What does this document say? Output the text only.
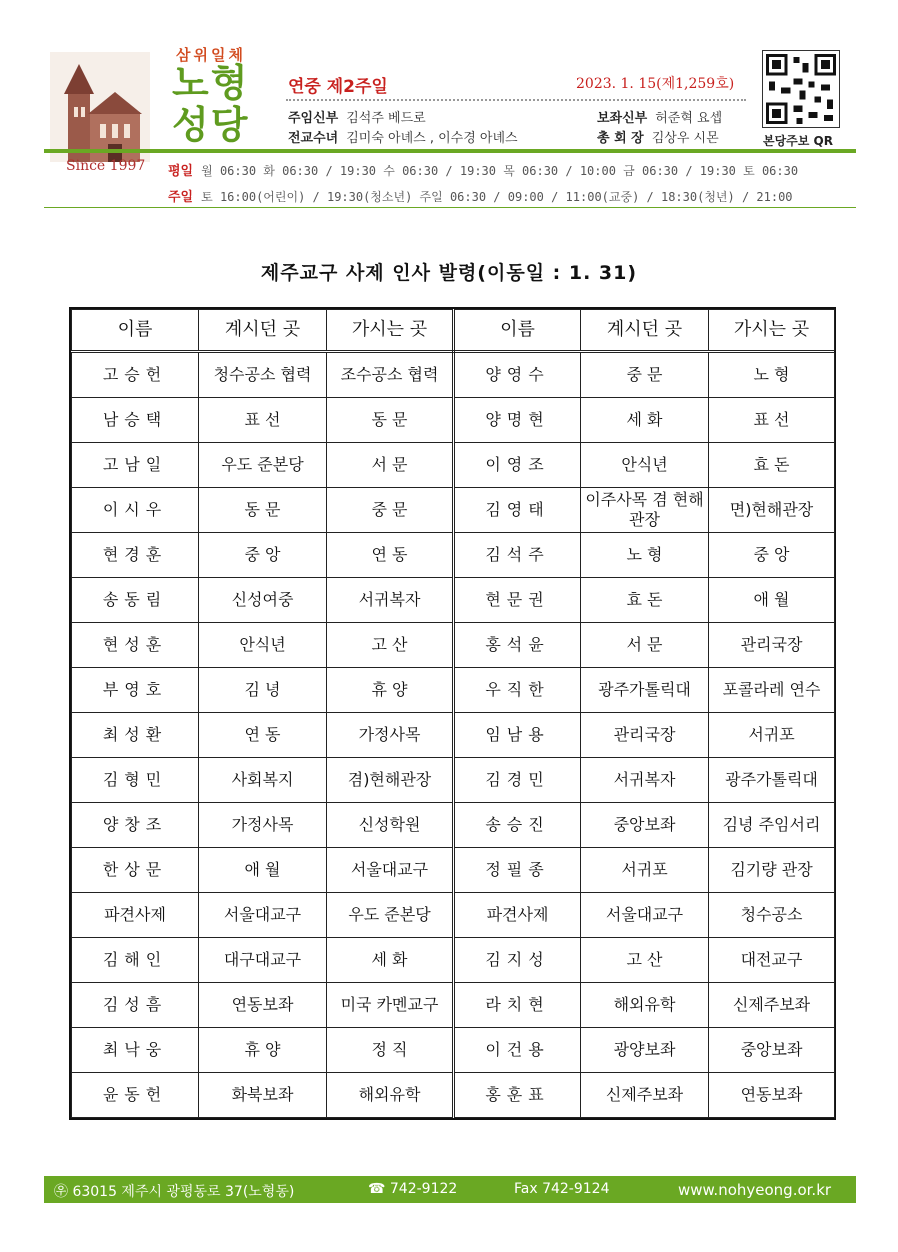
Since 1997
삼위일체
노형
성당
연중 제2주일	2023. 1. 15(제1,259호)
주임신부 김석주 베드로	보좌신부 허준혁 요셉
전교수녀 김미숙 아녜스 , 이수경 아녜스	총 회 장 김상우 시몬	본당주보 QR
평일 월 06:30 화 06:30 / 19:30 수 06:30 / 19:30 목 06:30 / 10:00 금 06:30 / 19:30 토 06:30
주일 토 16:00(어린이) / 19:30(청소년) 주일 06:30 / 09:00 / 11:00(교중) / 18:30(청년) / 21:00
제주교구 사제 인사 발령(이동일 : 1. 31)
이름	계시던 곳	가시는 곳	이름	계시던 곳	가시는 곳
고승헌	청수공소 협력	조수공소 협력	양영수	중 문	노 형
남승택	표 선	동 문	양명현	세 화	표 선
고남일	우도 준본당	서 문	이영조	안식년	효 돈
이시우	동 문	중 문	김영태	이주사목 겸 현해관장	면)현해관장
현경훈	중 앙	연 동	김석주	노 형	중 앙
송동림	신성여중	서귀복자	현문권	효 돈	애 월
현성훈	안식년	고 산	홍석윤	서 문	관리국장
부영호	김 녕	휴 양	우직한	광주가톨릭대	포콜라레 연수
최성환	연 동	가정사목	임남용	관리국장	서귀포
김형민	사회복지	겸)현해관장	김경민	서귀복자	광주가톨릭대
양창조	가정사목	신성학원	송승진	중앙보좌	김녕 주임서리
한상문	애 월	서울대교구	정필종	서귀포	김기량 관장
파견사제	서울대교구	우도 준본당	파견사제	서울대교구	청수공소
김해인	대구대교구	세 화	김지성	고 산	대전교구
김성흠	연동보좌	미국 카멘교구	라치현	해외유학	신제주보좌
최낙웅	휴 양	정 직	이건용	광양보좌	중앙보좌
윤동헌	화북보좌	해외유학	홍훈표	신제주보좌	연동보좌
㉾ 63015 제주시 광평동로 37(노형동)	☎ 742-9122	Fax 742-9124	www.nohyeong.or.kr
